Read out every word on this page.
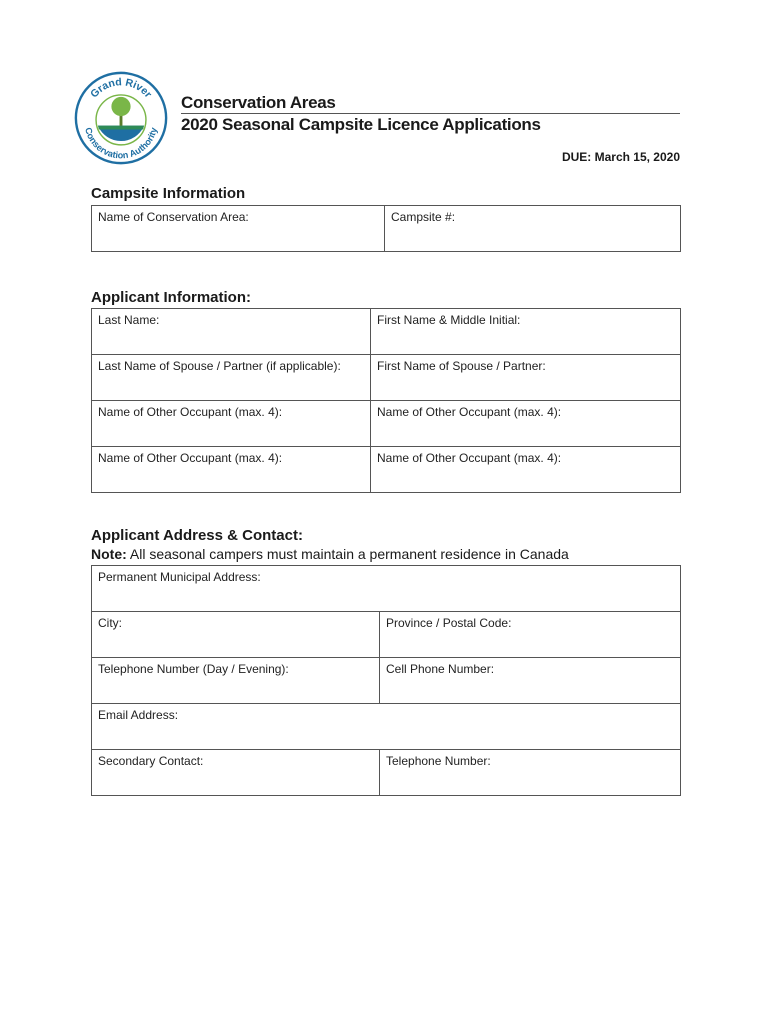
Grand River
Conservation Authority
Conservation Areas
2020 Seasonal Campsite Licence Applications
DUE: March 15, 2020
Campsite Information
Name of Conservation Area:	Campsite #:
Applicant Information:
Last Name:	First Name & Middle Initial:
Last Name of Spouse / Partner (if applicable):	First Name of Spouse / Partner:
Name of Other Occupant (max. 4):	Name of Other Occupant (max. 4):
Name of Other Occupant (max. 4):	Name of Other Occupant (max. 4):
Applicant Address & Contact:
Note: All seasonal campers must maintain a permanent residence in Canada
Permanent Municipal Address:	
City:	Province / Postal Code:
Telephone Number (Day / Evening):	Cell Phone Number:
Email Address:	
Secondary Contact:	Telephone Number:
